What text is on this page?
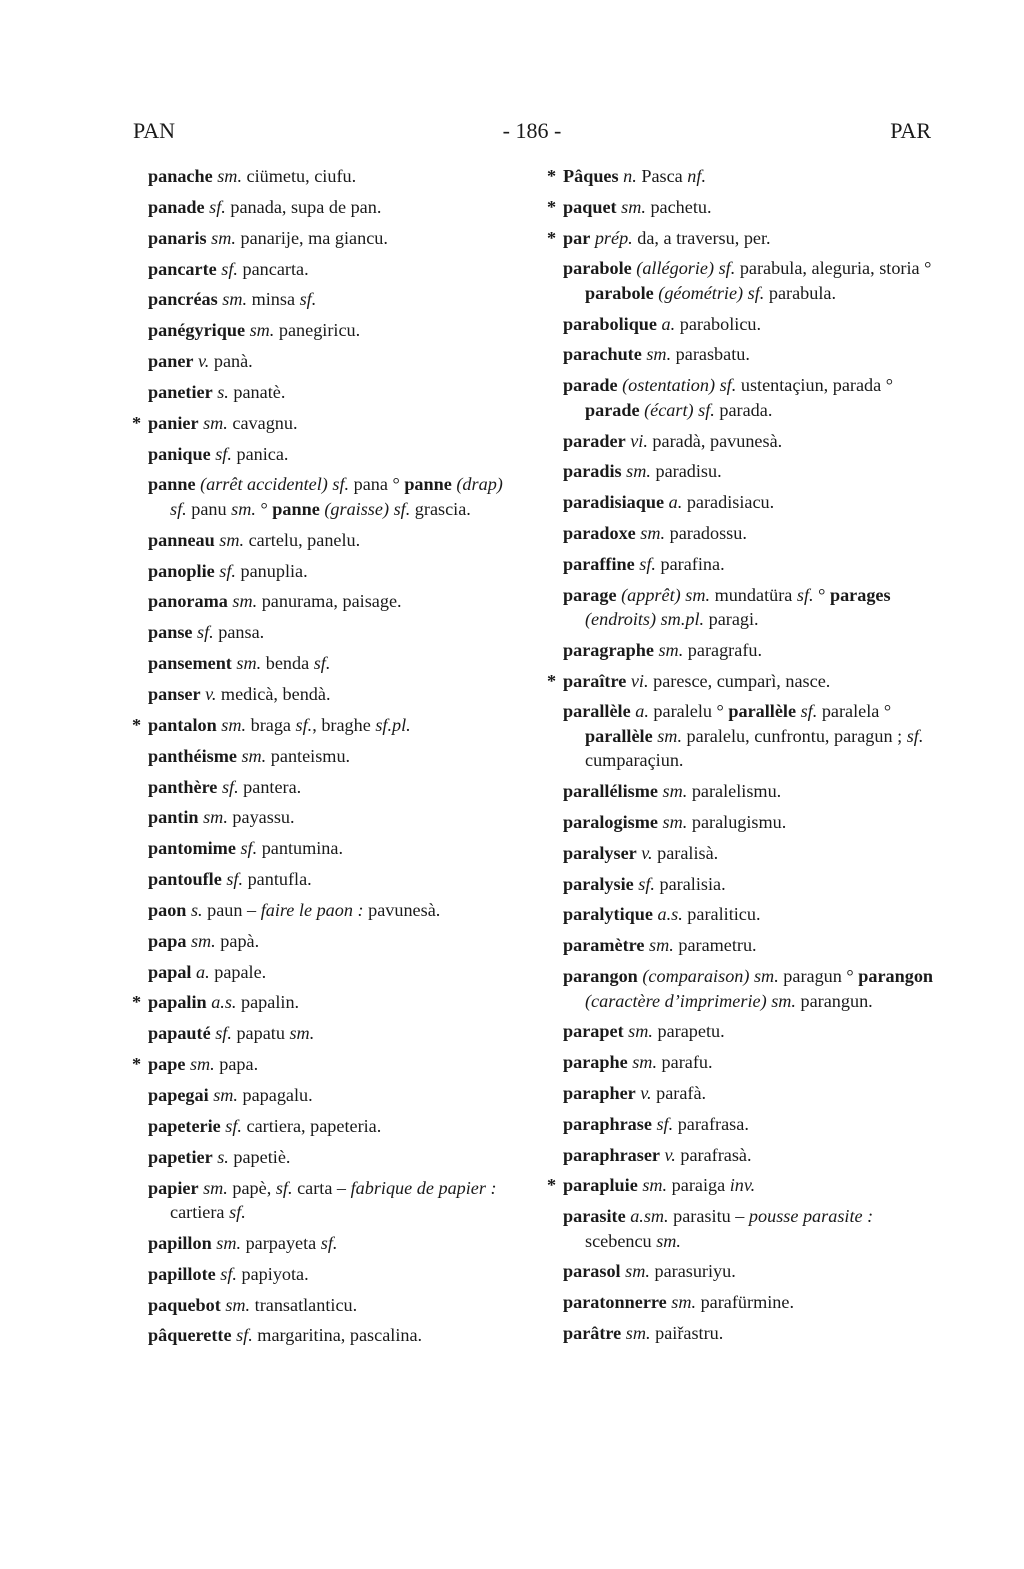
PAN	- 186 -	PAR
panache sm. ciümetu, ciufu.
panade sf. panada, supa de pan.
panaris sm. panarije, ma giancu.
pancarte sf. pancarta.
pancréas sm. minsa sf.
panégyrique sm. panegiricu.
paner v. panà.
panetier s. panatè.
* panier sm. cavagnu.
panique sf. panica.
panne (arrêt accidentel) sf. pana ° panne (drap) sf. panu sm. ° panne (graisse) sf. grascia.
panneau sm. cartelu, panelu.
panoplie sf. panuplia.
panorama sm. panurama, paisage.
panse sf. pansa.
pansement sm. benda sf.
panser v. medicà, bendà.
* pantalon sm. braga sf., braghe sf.pl.
panthéisme sm. panteismu.
panthère sf. pantera.
pantin sm. payassu.
pantomime sf. pantumina.
pantoufle sf. pantufla.
paon s. paun – faire le paon : pavunesà.
papa sm. papà.
papal a. papale.
* papalin a.s. papalin.
papauté sf. papatu sm.
* pape sm. papa.
papegai sm. papagalu.
papeterie sf. cartiera, papeteria.
papetier s. papetiè.
papier sm. papè, sf. carta – fabrique de papier : cartiera sf.
papillon sm. parpayeta sf.
papillote sf. papiyota.
paquebot sm. transatlanticu.
pâquerette sf. margaritina, pascalina.
* Pâques n. Pasca nf.
* paquet sm. pachetu.
* par prép. da, a traversu, per.
parabole (allégorie) sf. parabula, aleguria, storia ° parabole (géométrie) sf. parabula.
parabolique a. parabolicu.
parachute sm. parasbatu.
parade (ostentation) sf. ustentaçiun, parada ° parade (écart) sf. parada.
parader vi. paradà, pavunesà.
paradis sm. paradisu.
paradisiaque a. paradisiacu.
paradoxe sm. paradossu.
paraffine sf. parafina.
parage (apprêt) sm. mundatüra sf. ° parages (endroits) sm.pl. paragi.
paragraphe sm. paragrafu.
* paraître vi. paresce, cumparì, nasce.
parallèle a. paralelu ° parallèle sf. paralela ° parallèle sm. paralelu, cunfrontu, paragun ; sf. cumparaçiun.
parallélisme sm. paralelismu.
paralogisme sm. paralugismu.
paralyser v. paralisà.
paralysie sf. paralisia.
paralytique a.s. paraliticu.
paramètre sm. parametru.
parangon (comparaison) sm. paragun ° parangon (caractère d’imprimerie) sm. parangun.
parapet sm. parapetu.
paraphe sm. parafu.
parapher v. parafà.
paraphrase sf. parafrasa.
paraphraser v. parafrasà.
* parapluie sm. paraiga inv.
parasite a.sm. parasitu – pousse parasite : scebencu sm.
parasol sm. parasuriyu.
paratonnerre sm. parafürmine.
parâtre sm. paiřastru.
